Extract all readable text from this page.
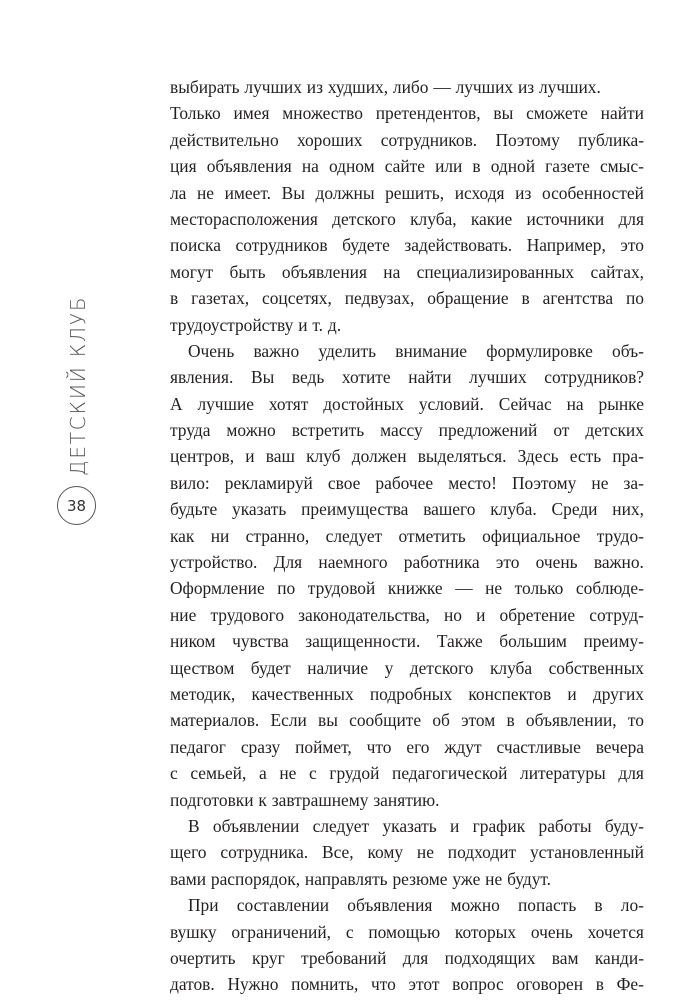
ДЕТСКИЙ КЛУБ
38
выбирать лучших из худших, либо — лучших из лучших.
Только имея множество претендентов, вы сможете найти
действительно хороших сотрудников. Поэтому публика-
ция объявления на одном сайте или в одной газете смыс-
ла не имеет. Вы должны решить, исходя из особенностей
месторасположения детского клуба, какие источники для
поиска сотрудников будете задействовать. Например, это
могут быть объявления на специализированных сайтах,
в газетах, соцсетях, педвузах, обращение в агентства по
трудоустройству и т. д.
Очень важно уделить внимание формулировке объ-
явления. Вы ведь хотите найти лучших сотрудников?
А лучшие хотят достойных условий. Сейчас на рынке
труда можно встретить массу предложений от детских
центров, и ваш клуб должен выделяться. Здесь есть пра-
вило: рекламируй свое рабочее место! Поэтому не за-
будьте указать преимущества вашего клуба. Среди них,
как ни странно, следует отметить официальное трудо-
устройство. Для наемного работника это очень важно.
Оформление по трудовой книжке — не только соблюде-
ние трудового законодательства, но и обретение сотруд-
ником чувства защищенности. Также большим преиму-
ществом будет наличие у детского клуба собственных
методик, качественных подробных конспектов и других
материалов. Если вы сообщите об этом в объявлении, то
педагог сразу поймет, что его ждут счастливые вечера
с семьей, а не с грудой педагогической литературы для
подготовки к завтрашнему занятию.
В объявлении следует указать и график работы буду-
щего сотрудника. Все, кому не подходит установленный
вами распорядок, направлять резюме уже не будут.
При составлении объявления можно попасть в ло-
вушку ограничений, с помощью которых очень хочется
очертить круг требований для подходящих вам канди-
датов. Нужно помнить, что этот вопрос оговорен в Фе-
